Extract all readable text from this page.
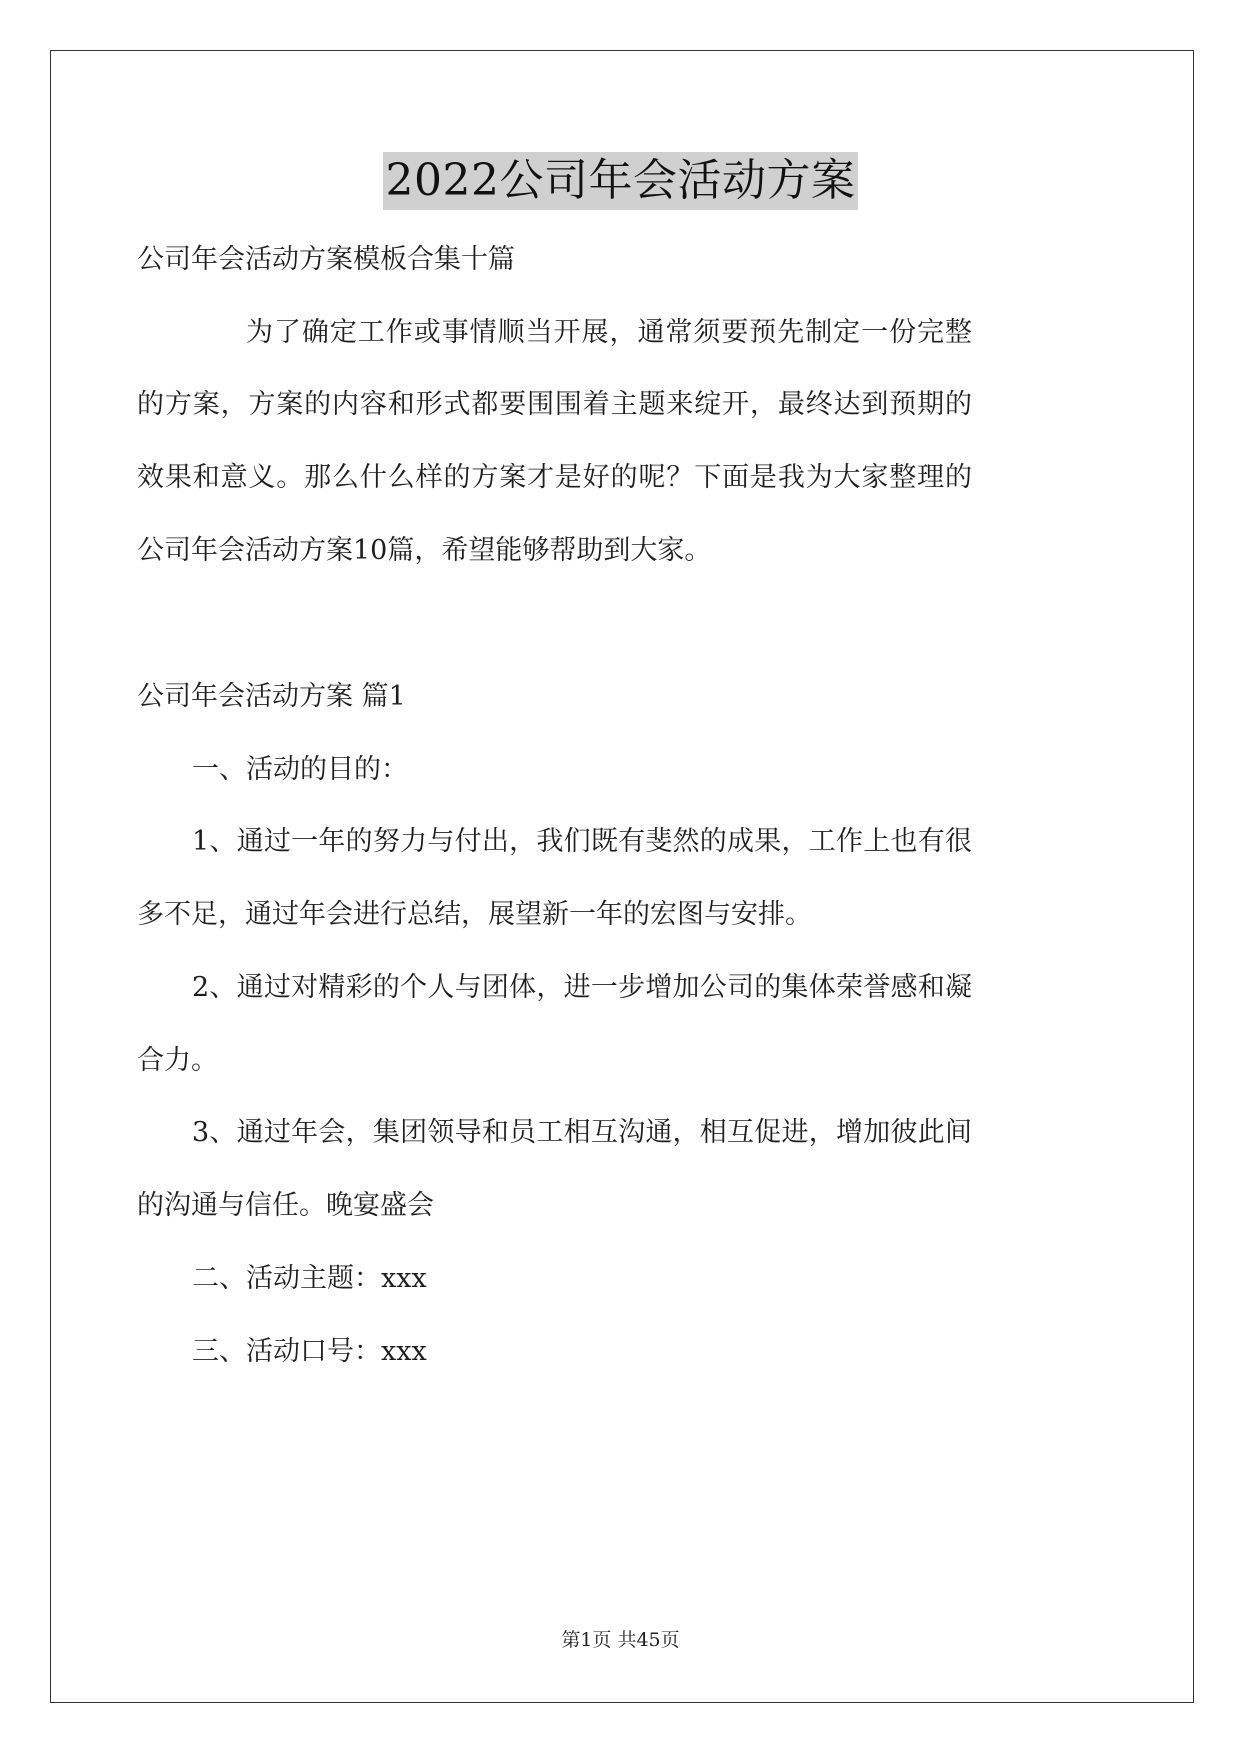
2022公司年会活动方案
公司年会活动方案模板合集十篇
为了确定工作或事情顺当开展，通常须要预先制定一份完整
的方案，方案的内容和形式都要围围着主题来绽开，最终达到预期的
效果和意义。那么什么样的方案才是好的呢？下面是我为大家整理的
公司年会活动方案10篇，希望能够帮助到大家。
公司年会活动方案 篇1
一、活动的目的：
1、通过一年的努力与付出，我们既有斐然的成果，工作上也有很
多不足，通过年会进行总结，展望新一年的宏图与安排。
2、通过对精彩的个人与团体，进一步增加公司的集体荣誉感和凝
合力。
3、通过年会，集团领导和员工相互沟通，相互促进，增加彼此间
的沟通与信任。晚宴盛会
二、活动主题：xxx
三、活动口号：xxx
第1页 共45页
